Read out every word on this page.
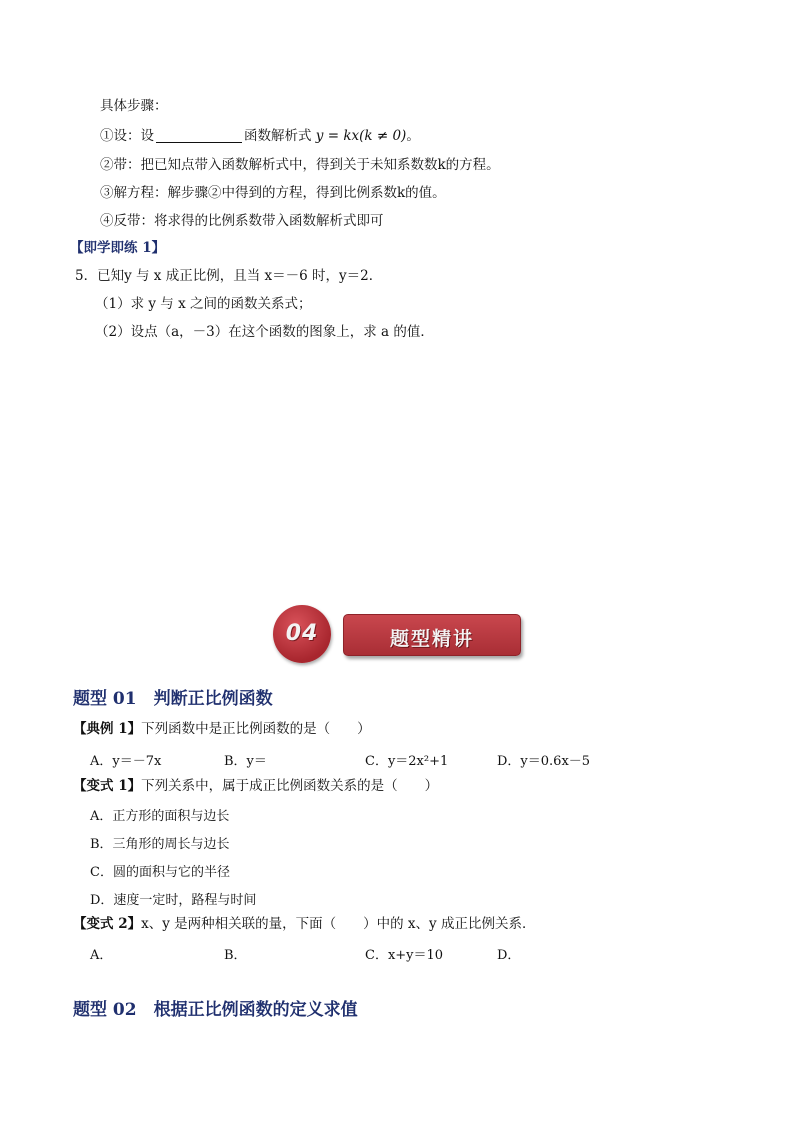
具体步骤：
①设：设	函数解析式 y = kx(k ≠ 0)。
②带：把已知点带入函数解析式中，得到关于未知系数数k的方程。
③解方程：解步骤②中得到的方程，得到比例系数k的值。
④反带：将求得的比例系数带入函数解析式即可
【即学即练 1】
5．已知y 与 x 成正比例，且当 x＝－6 时，y＝2．
（1）求 y 与 x 之间的函数关系式；
（2）设点（a，－3）在这个函数的图象上，求 a 的值．
04	题型精讲
题型 01　判断正比例函数
【典例 1】下列函数中是正比例函数的是（　　）
A．y＝－7x	B．y＝	C．y＝2x²+1	D．y＝0.6x－5
【变式 1】下列关系中，属于成正比例函数关系的是（　　）
A．正方形的面积与边长
B．三角形的周长与边长
C．圆的面积与它的半径
D．速度一定时，路程与时间
【变式 2】x、y 是两种相关联的量，下面（　　）中的 x、y 成正比例关系．
A．	B．	C．x+y＝10	D．
题型 02　根据正比例函数的定义求值
